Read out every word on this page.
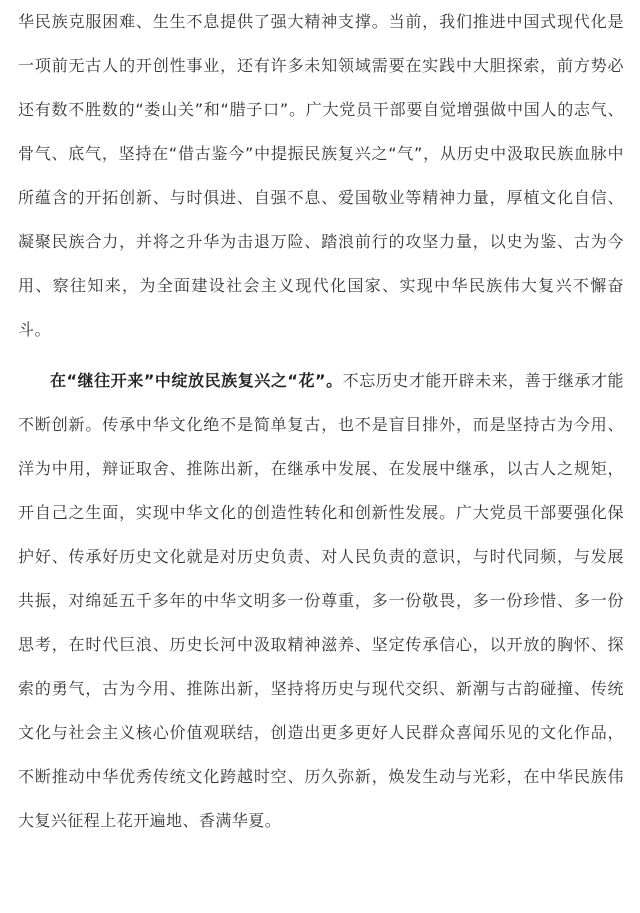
华民族克服困难、生生不息提供了强大精神支撑。当前，我们推进中国式现代化是一项前无古人的开创性事业，还有许多未知领域需要在实践中大胆探索，前方势必还有数不胜数的“娄山关”和“腊子口”。广大党员干部要自觉增强做中国人的志气、骨气、底气，坚持在“借古鉴今”中提振民族复兴之“气”，从历史中汲取民族血脉中所蕴含的开拓创新、与时俱进、自强不息、爱国敬业等精神力量，厚植文化自信、凝聚民族合力，并将之升华为击退万险、踏浪前行的攻坚力量，以史为鉴、古为今用、察往知来，为全面建设社会主义现代化国家、实现中华民族伟大复兴不懈奋斗。

在“继往开来”中绽放民族复兴之“花”。不忘历史才能开辟未来，善于继承才能不断创新。传承中华文化绝不是简单复古，也不是盲目排外，而是坚持古为今用、洋为中用，辩证取舍、推陈出新，在继承中发展、在发展中继承，以古人之规矩，开自己之生面，实现中华文化的创造性转化和创新性发展。广大党员干部要强化保护好、传承好历史文化就是对历史负责、对人民负责的意识，与时代同频，与发展共振，对绵延五千多年的中华文明多一份尊重，多一份敬畏，多一份珍惜、多一份思考，在时代巨浪、历史长河中汲取精神滋养、坚定传承信心，以开放的胸怀、探索的勇气，古为今用、推陈出新，坚持将历史与现代交织、新潮与古韵碰撞、传统文化与社会主义核心价值观联结，创造出更多更好人民群众喜闻乐见的文化作品，不断推动中华优秀传统文化跨越时空、历久弥新，焕发生动与光彩，在中华民族伟大复兴征程上花开遍地、香满华夏。
